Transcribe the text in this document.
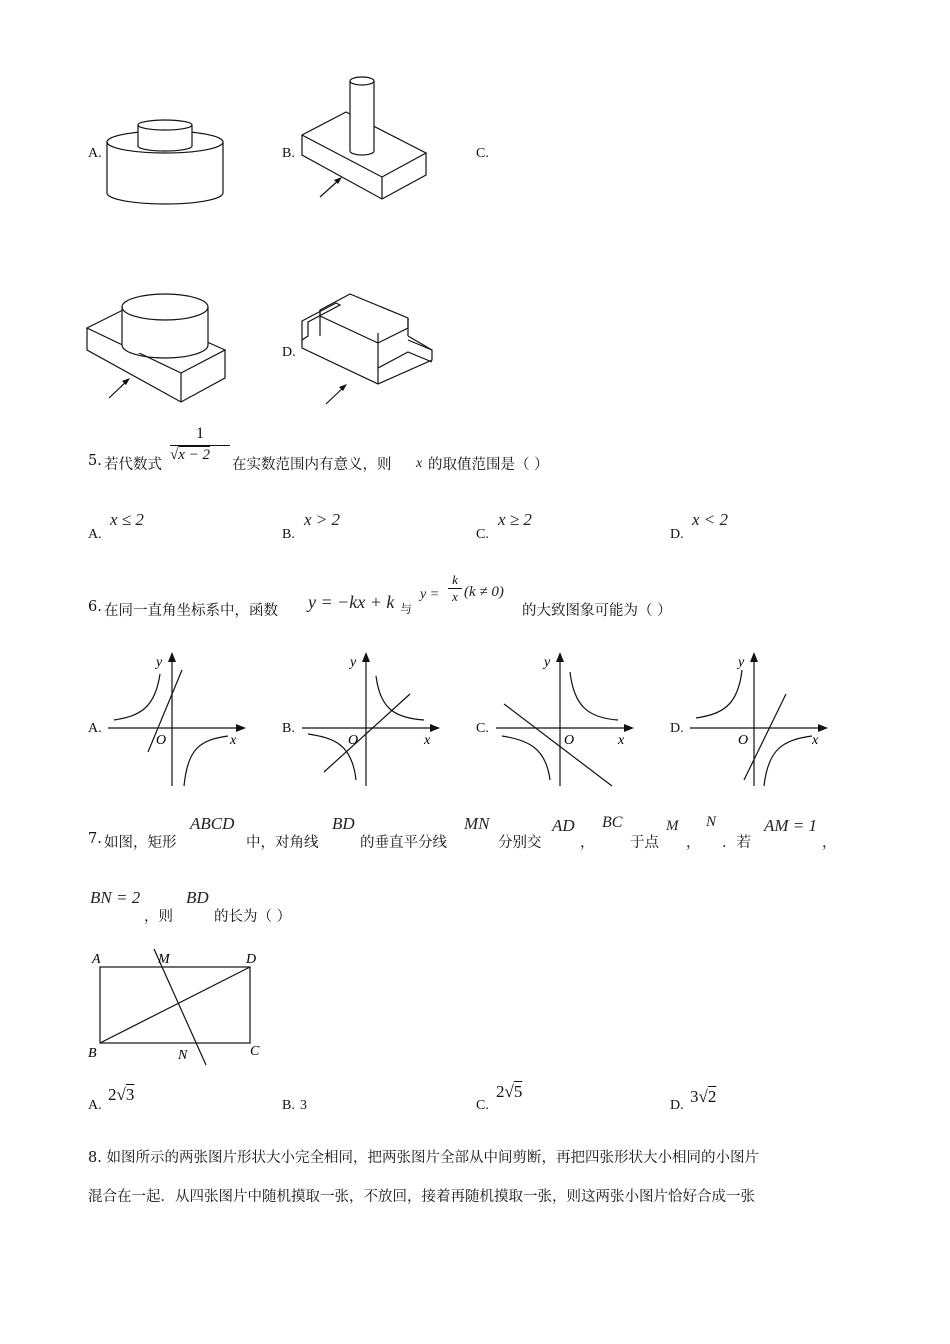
A.	B.	C.
D.
5. 若代数式
1
√x − 2
在实数范围内有意义，则 x 的取值范围是（ ）
A.
x ≤ 2
B.
x > 2
C.
x ≥ 2
D.
x < 2
6. 在同一直角坐标系中，函数 y = −kx + k 与
$y = \frac{k}{x} (k \ne 0)$
的大致图象可能为（ ）
A.
y
x
O
B.
y
x
O
C.
y
x
O
D.
y
x
O
7. 如图，矩形
ABCD
中，对角线
BD
的垂直平分线
MN
分别交
AD
，
BC
于点
M
，
N
．若
AM = 1
，
BN = 2
，则
BD
的长为（ ）
A	M	D
B	N	C
A.
2√3
B. 3	C.
2√5
D. 3√2
8. 如图所示的两张图片形状大小完全相同，把两张图片全部从中间剪断，再把四张形状大小相同的小图片
混合在一起．从四张图片中随机摸取一张，不放回，接着再随机摸取一张，则这两张小图片恰好合成一张
